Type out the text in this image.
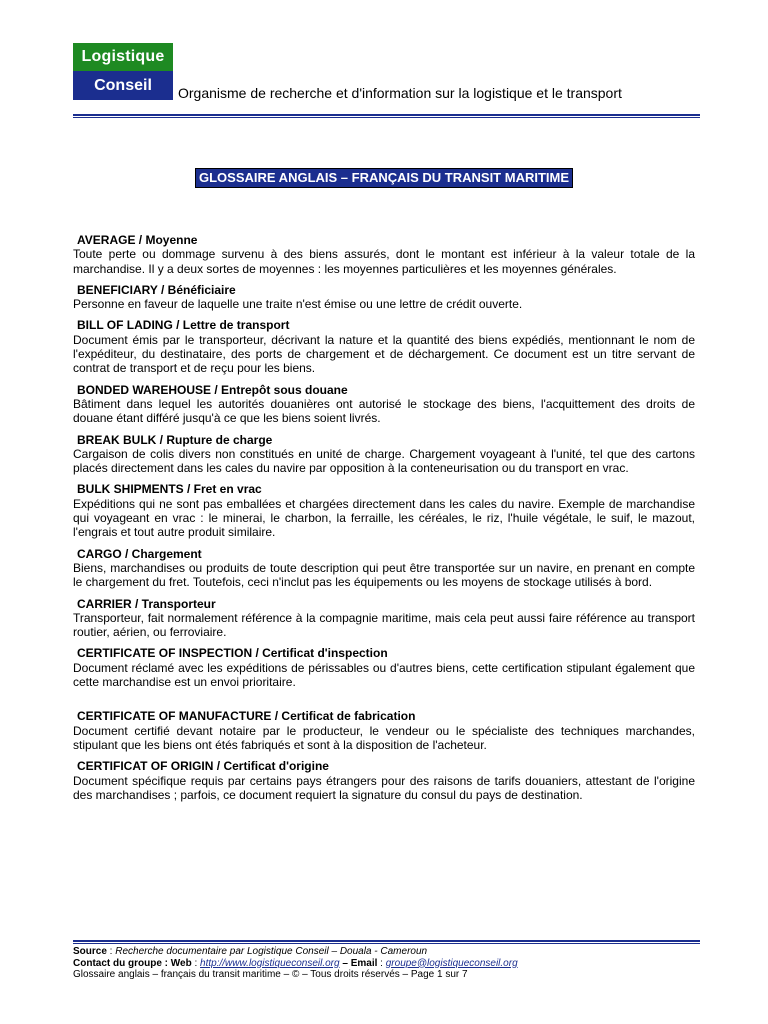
Logistique
Conseil	Organisme de recherche et d'information sur la logistique et le transport
GLOSSAIRE ANGLAIS – FRANÇAIS DU TRANSIT MARITIME
AVERAGE / Moyenne
Toute perte ou dommage survenu à des biens assurés, dont le montant est inférieur à la valeur totale de la marchandise. Il y a deux sortes de moyennes : les moyennes particulières et les moyennes générales.
BENEFICIARY / Bénéficiaire
Personne en faveur de laquelle une traite n'est émise ou une lettre de crédit ouverte.
BILL OF LADING / Lettre de transport
Document émis par le transporteur, décrivant la nature et la quantité des biens expédiés, mentionnant le nom de l'expéditeur, du destinataire, des ports de chargement et de déchargement. Ce document est un titre servant de contrat de transport et de reçu pour les biens.
BONDED WAREHOUSE / Entrepôt sous douane
Bâtiment dans lequel les autorités douanières ont autorisé le stockage des biens, l'acquittement des droits de douane étant différé jusqu'à ce que les biens soient livrés.
BREAK BULK / Rupture de charge
Cargaison de colis divers non constitués en unité de charge. Chargement voyageant à l'unité, tel que des cartons placés directement dans les cales du navire par opposition à la conteneurisation ou du transport en vrac.
BULK SHIPMENTS / Fret en vrac
Expéditions qui ne sont pas emballées et chargées directement dans les cales du navire. Exemple de marchandise qui voyageant en vrac : le minerai, le charbon, la ferraille, les céréales, le riz, l'huile végétale, le suif, le mazout, l'engrais et tout autre produit similaire.
CARGO / Chargement
Biens, marchandises ou produits de toute description qui peut être transportée sur un navire, en prenant en compte le chargement du fret. Toutefois, ceci n'inclut pas les équipements ou les moyens de stockage utilisés à bord.
CARRIER / Transporteur
Transporteur, fait normalement référence à la compagnie maritime, mais cela peut aussi faire référence au transport routier, aérien, ou ferroviaire.
CERTIFICATE OF INSPECTION / Certificat d'inspection
Document réclamé avec les expéditions de périssables ou d'autres biens, cette certification stipulant également que cette marchandise est un envoi prioritaire.
CERTIFICATE OF MANUFACTURE / Certificat de fabrication
Document certifié devant notaire par le producteur, le vendeur ou le spécialiste des techniques marchandes, stipulant que les biens ont étés fabriqués et sont à la disposition de l'acheteur.
CERTIFICAT OF ORIGIN / Certificat d'origine
Document spécifique requis par certains pays étrangers pour des raisons de tarifs douaniers, attestant de l'origine des marchandises ; parfois, ce document requiert la signature du consul du pays de destination.
Source : Recherche documentaire par Logistique Conseil – Douala - Cameroun
Contact du groupe : Web : http://www.logistiqueconseil.org – Email : groupe@logistiqueconseil.org
Glossaire anglais – français du transit maritime – © – Tous droits réservés – Page 1 sur 7
